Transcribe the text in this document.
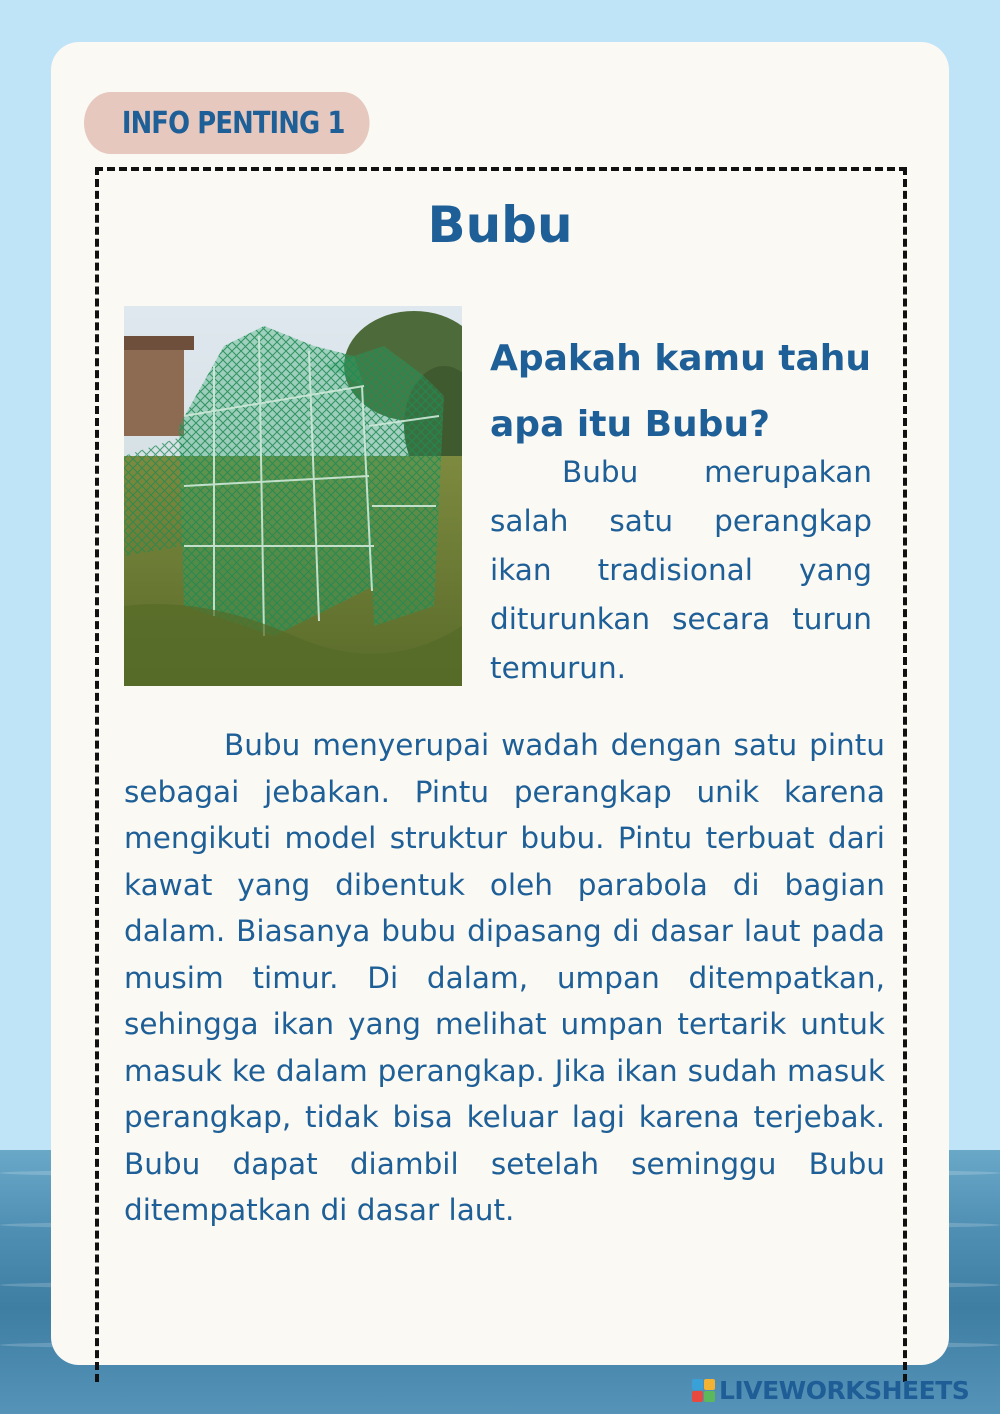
INFO PENTING 1
Bubu
Apakah kamu tahu apa itu Bubu?

Bubu merupakan salah satu perangkap ikan tradisional yang diturunkan secara turun temurun.

Bubu menyerupai wadah dengan satu pintu sebagai jebakan. Pintu perangkap unik karena mengikuti model struktur bubu. Pintu terbuat dari kawat yang dibentuk oleh parabola di bagian dalam. Biasanya bubu dipasang di dasar laut pada musim timur. Di dalam, umpan ditempatkan, sehingga ikan yang melihat umpan tertarik untuk masuk ke dalam perangkap. Jika ikan sudah masuk perangkap, tidak bisa keluar lagi karena terjebak. Bubu dapat diambil setelah seminggu Bubu ditempatkan di dasar laut.

LIVEWORKSHEETS
